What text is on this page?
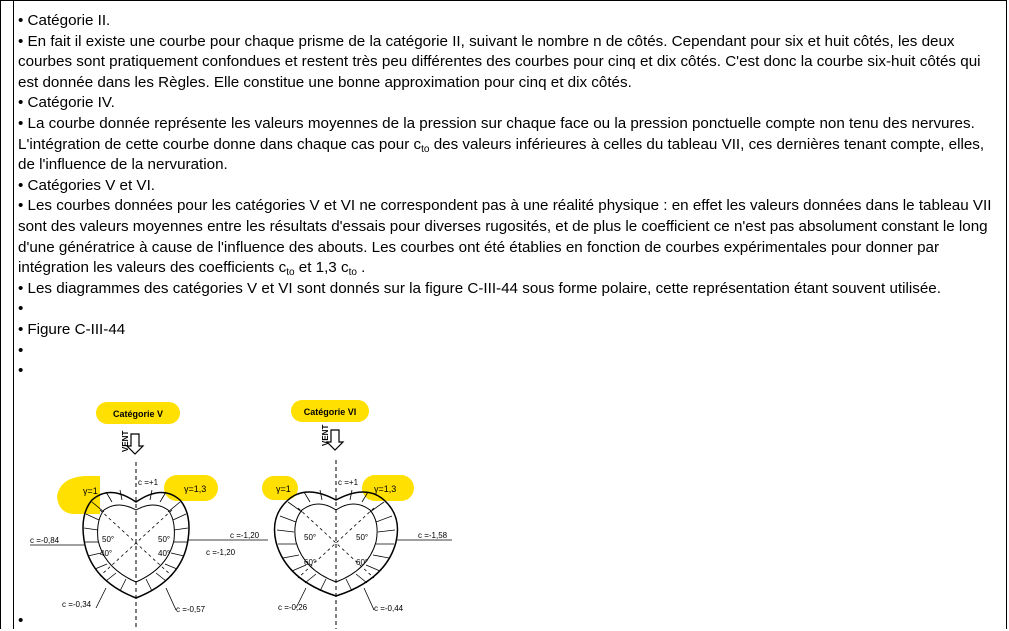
• Catégorie II.

• En fait il existe une courbe pour chaque prisme de la catégorie II, suivant le nombre n de côtés. Cependant pour six et huit côtés, les deux courbes sont pratiquement confondues et restent très peu différentes des courbes pour cinq et dix côtés. C'est donc la courbe six-huit côtés qui est donnée dans les Règles. Elle constitue une bonne approximation pour cinq et dix côtés.

• Catégorie IV.

• La courbe donnée représente les valeurs moyennes de la pression sur chaque face ou la pression ponctuelle compte non tenu des nervures. L'intégration de cette courbe donne dans chaque cas pour $c_{to}$ des valeurs inférieures à celles du tableau VII, ces dernières tenant compte, elles, de l'influence de la nervuration.

• Catégories V et VI.

• Les courbes données pour les catégories V et VI ne correspondent pas à une réalité physique : en effet les valeurs données dans le tableau VII sont des valeurs moyennes entre les résultats d'essais pour diverses rugosités, et de plus le coefficient ce n'est pas absolument constant le long d'une génératrice à cause de l'influence des abouts. Les courbes ont été établies en fonction de courbes expérimentales pour donner par intégration les valeurs des coefficients $c_{to}$ et 1,3 $c_{to}$ .

• Les diagrammes des catégories V et VI sont donnés sur la figure C-III-44 sous forme polaire, cette représentation étant souvent utilisée.

•

• Figure C-III-44

•

•

Catégorie V
VENT
γ=1	γ=1,3
c =+1
50°	50°
40°	40°
c =-0,84
c =-1,20
c =-1,20
c =-0,34
c =-0,57
Catégorie VI
VENT
γ=1	γ=1,3
c =+1
50°	50°
60°	60°
c =-1,58
c =-0,26	c =-0,44
•
